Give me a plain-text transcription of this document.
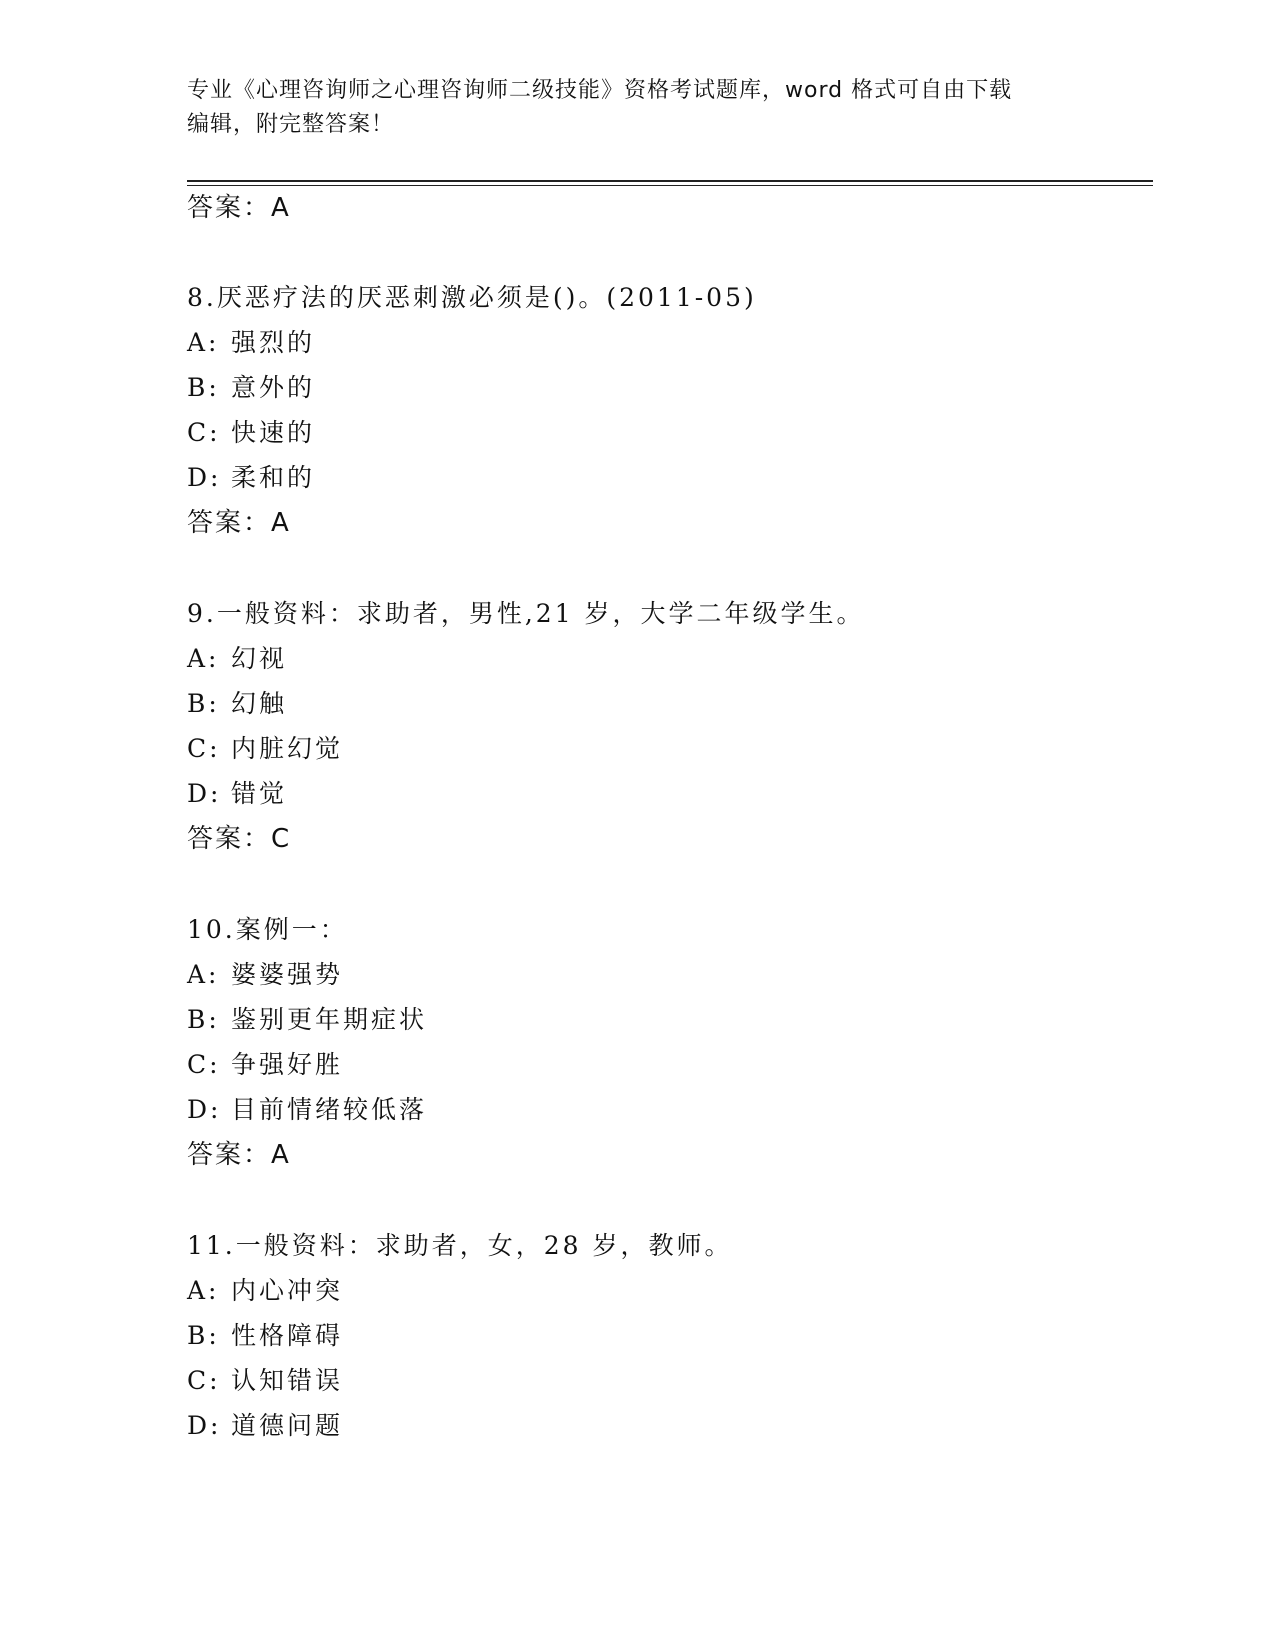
专业《心理咨询师之心理咨询师二级技能》资格考试题库，word 格式可自由下载
编辑，附完整答案！
答案：A
8.厌恶疗法的厌恶刺激必须是()。(2011-05)
A: 强烈的
B: 意外的
C: 快速的
D: 柔和的
答案：A
9.一般资料：求助者，男性,21 岁，大学二年级学生。
A: 幻视
B: 幻触
C: 内脏幻觉
D: 错觉
答案：C
10.案例一：
A: 婆婆强势
B: 鉴别更年期症状
C: 争强好胜
D: 目前情绪较低落
答案：A
11.一般资料：求助者，女，28 岁，教师。
A: 内心冲突
B: 性格障碍
C: 认知错误
D: 道德问题
